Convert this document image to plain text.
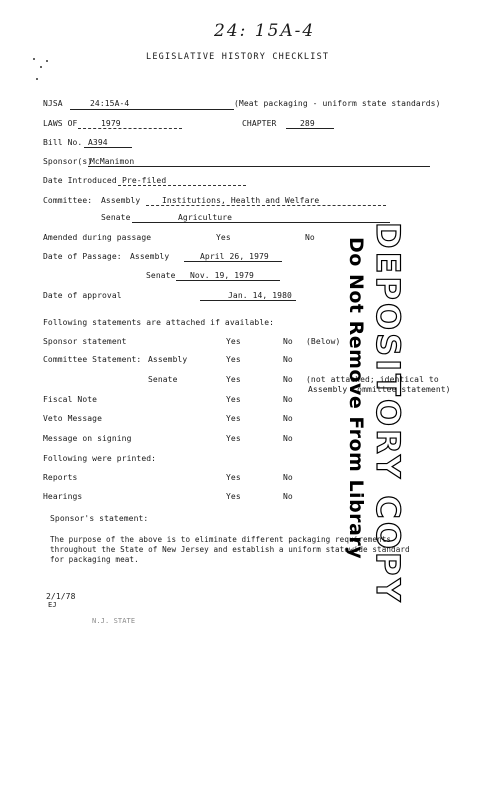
24: 15A-4
LEGISLATIVE HISTORY CHECKLIST
NJSA	24:15A-4	(Meat packaging - uniform state standards)
LAWS OF	1979	CHAPTER	289
Bill No. A394
Sponsor(s)
McManimon
Date Introduced Pre-filed
Committee: Assembly	Institutions, Health and Welfare
Senate	Agriculture
Amended during passage	Yes	No
Date of Passage: Assembly	April 26, 1979
Senate Nov. 19, 1979
Date of approval	Jan. 14, 1980
Following statements are attached if available:
Sponsor statement	Yes	No (Below)
Committee Statement: Assembly	Yes	No
Senate	Yes	No (not attached; identical to
Assembly Committee statement)
Fiscal Note	Yes	No
Veto Message	Yes	No
Message on signing	Yes	No
Following were printed:
Reports	Yes	No
Hearings	Yes	No
Sponsor's statement:
The purpose of the above is to eliminate different packaging requirements
throughout the State of New Jersey and establish a uniform statewide standard
for packaging meat.
2/1/78
EJ
N.J. STATE
Do Not Remove From Library DEPOSITORY COPY
